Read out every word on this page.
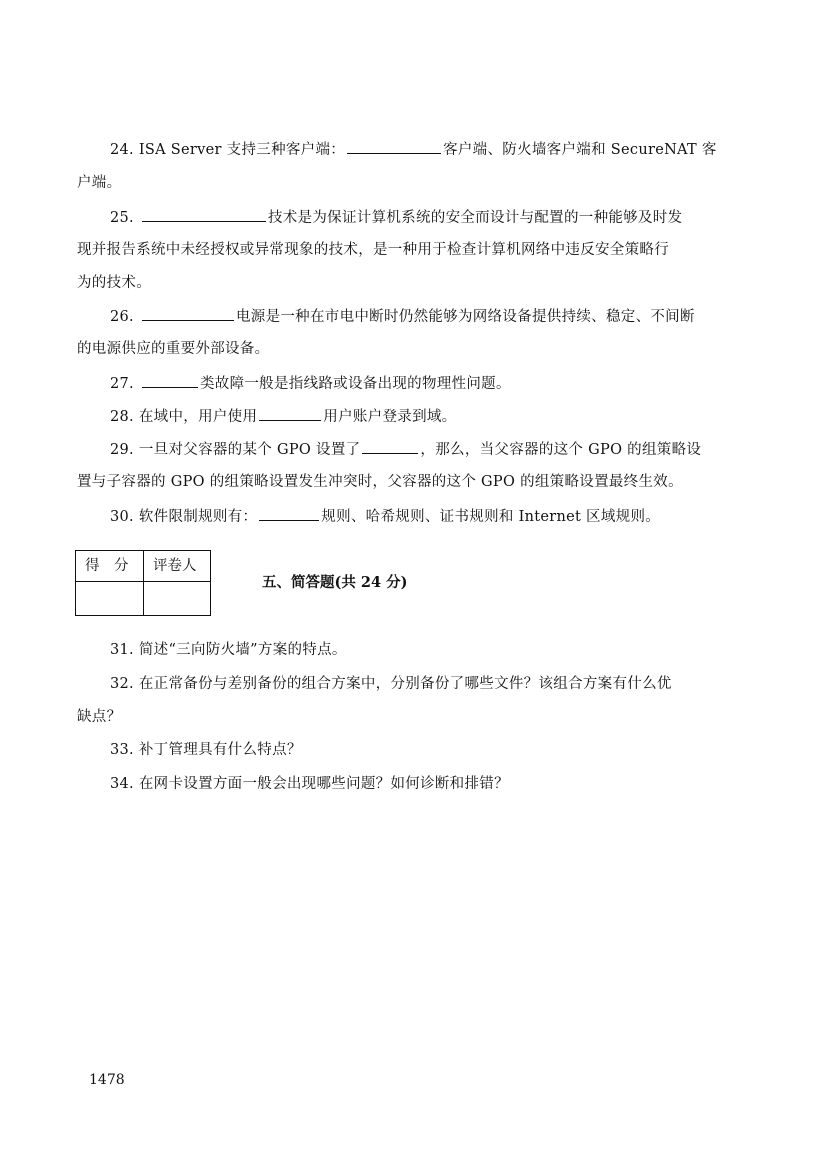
24. ISA Server 支持三种客户端：	客户端、防火墙客户端和 SecureNAT 客
户端。
25.	技术是为保证计算机系统的安全而设计与配置的一种能够及时发
现并报告系统中未经授权或异常现象的技术，是一种用于检查计算机网络中违反安全策略行
为的技术。
26.	电源是一种在市电中断时仍然能够为网络设备提供持续、稳定、不间断
的电源供应的重要外部设备。
27.	类故障一般是指线路或设备出现的物理性问题。
28. 在域中，用户使用	用户账户登录到域。
29. 一旦对父容器的某个 GPO 设置了	，那么，当父容器的这个 GPO 的组策略设
置与子容器的 GPO 的组策略设置发生冲突时，父容器的这个 GPO 的组策略设置最终生效。
30. 软件限制规则有：	规则、哈希规则、证书规则和 Internet 区域规则。
得　分 评卷人
五、简答题(共 24 分)
31. 简述“三向防火墙”方案的特点。
32. 在正常备份与差别备份的组合方案中，分别备份了哪些文件？该组合方案有什么优
缺点？
33. 补丁管理具有什么特点？
34. 在网卡设置方面一般会出现哪些问题？如何诊断和排错？
1478
